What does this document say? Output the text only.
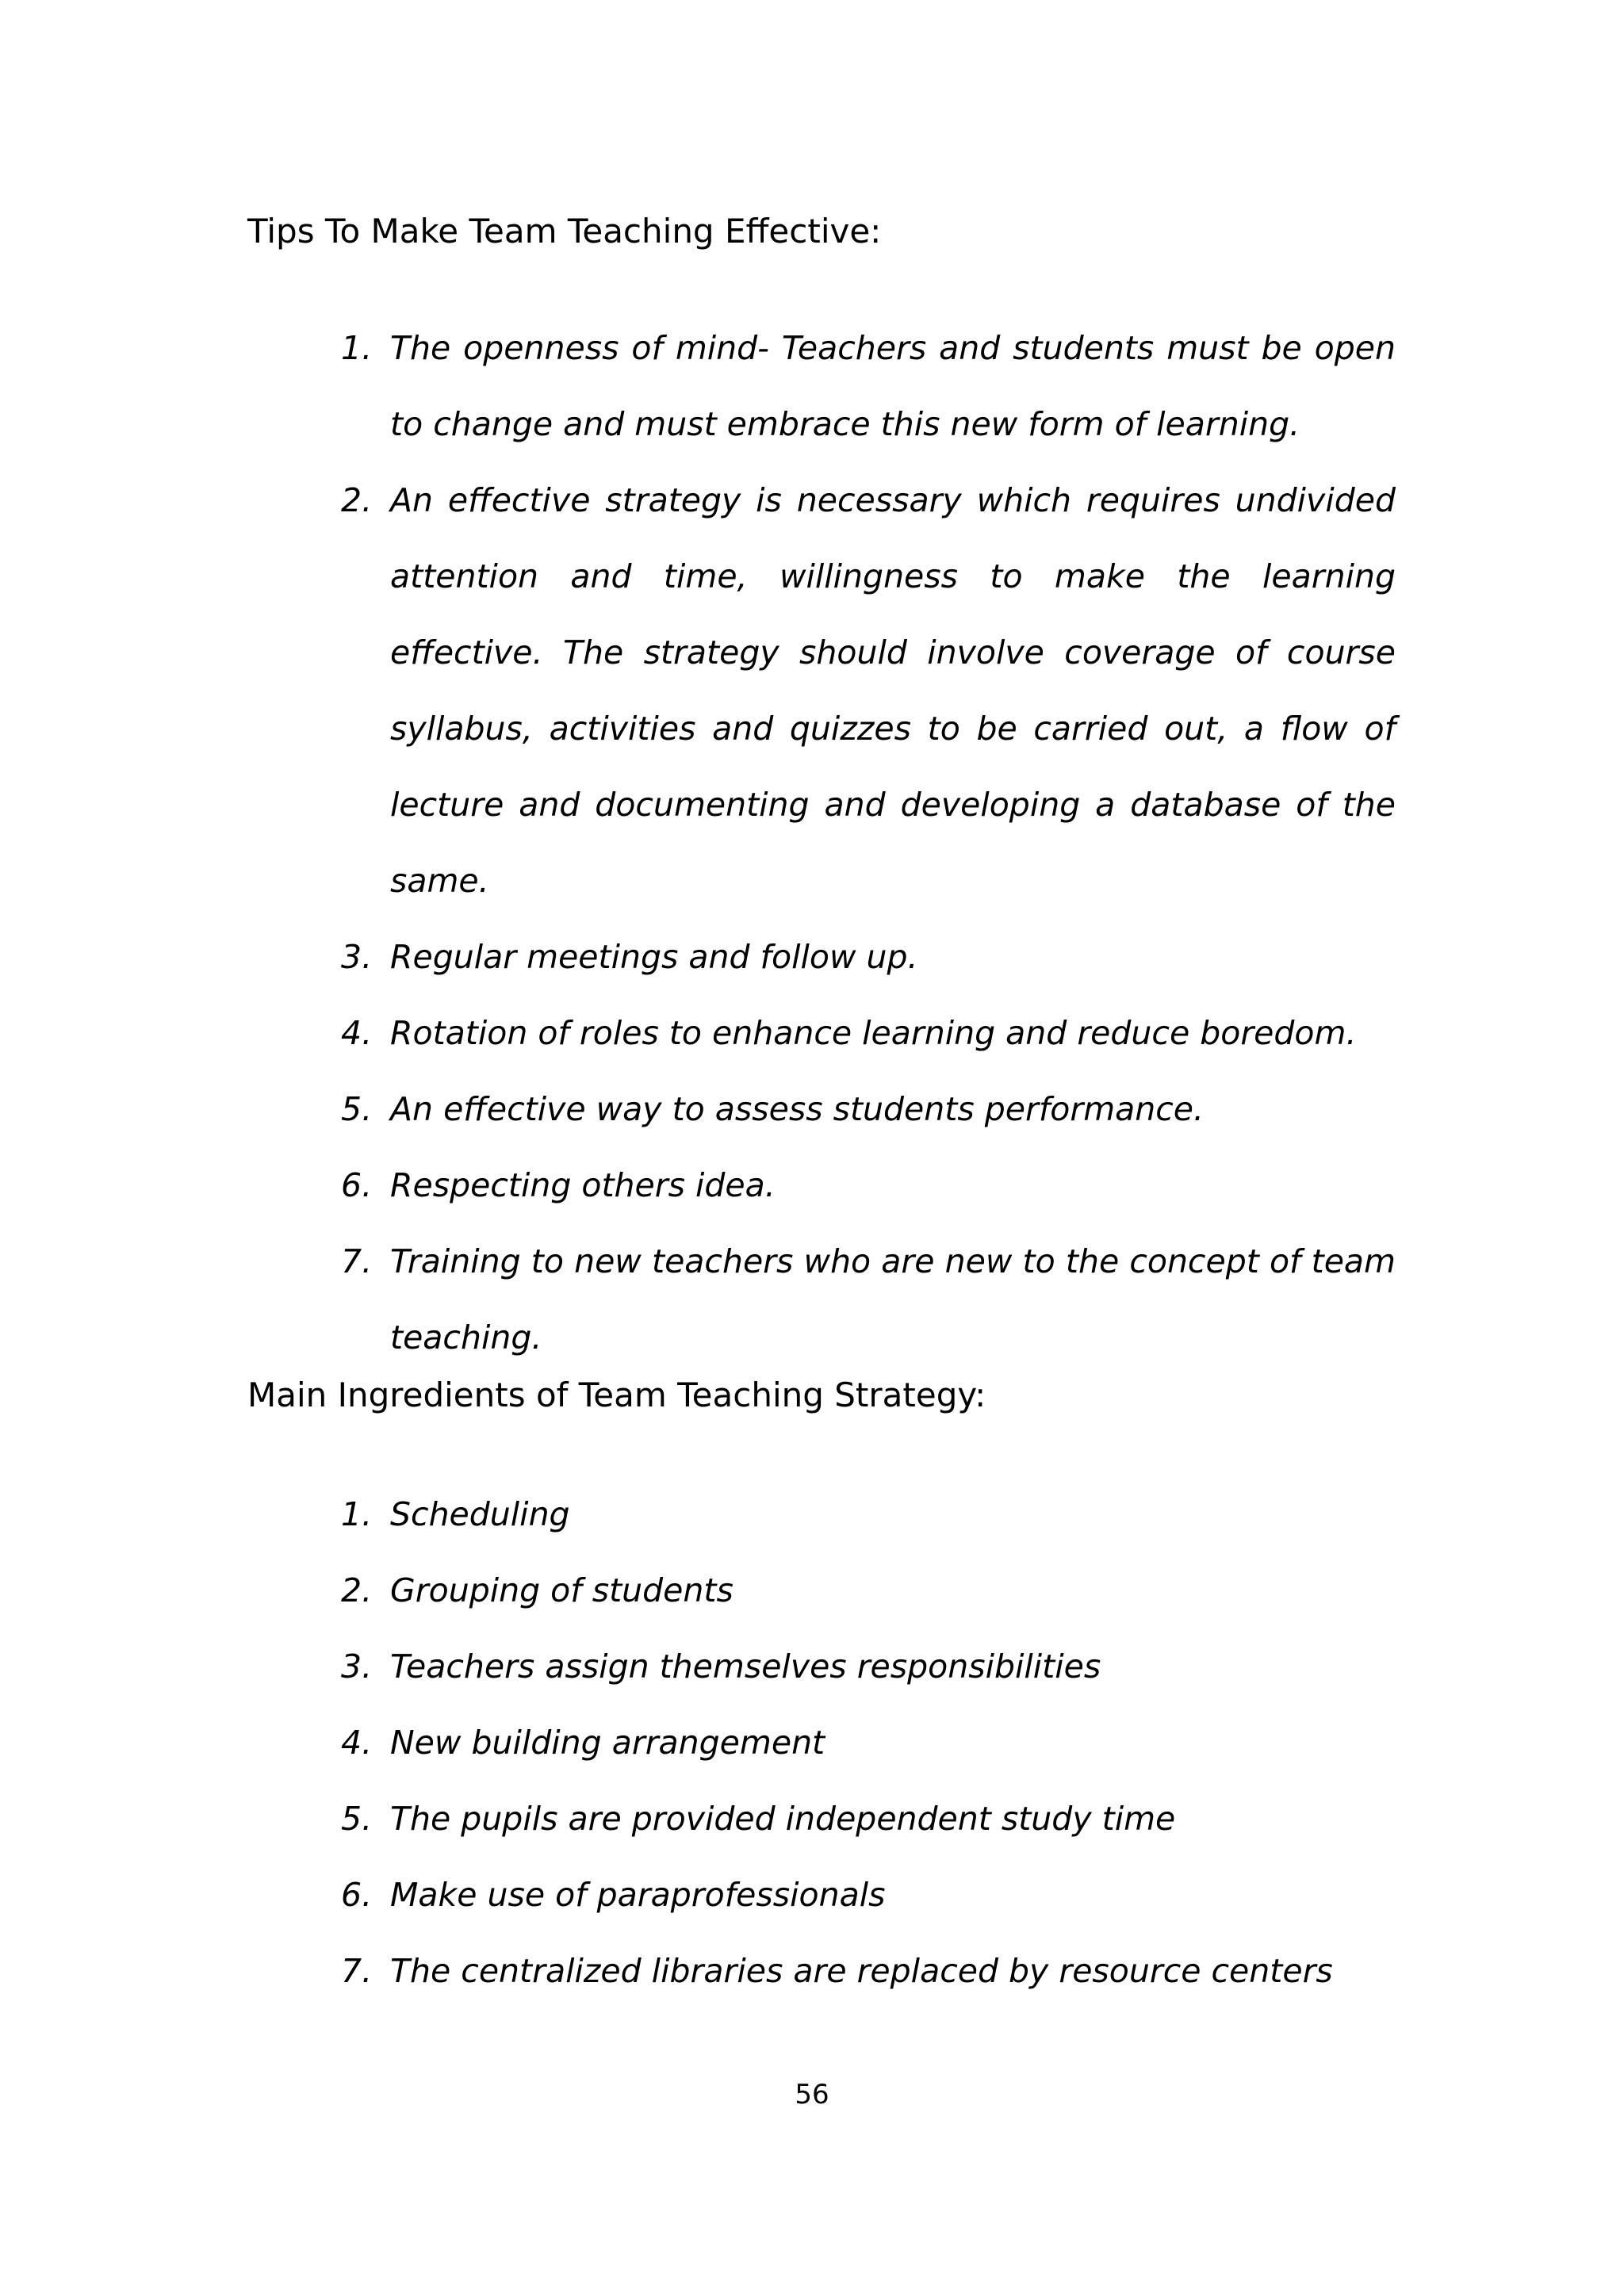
Tips To Make Team Teaching Effective:
1. The openness of mind- Teachers and students must be open to change and must embrace this new form of learning.
2. An effective strategy is necessary which requires undivided attention and time, willingness to make the learning effective. The strategy should involve coverage of course syllabus, activities and quizzes to be carried out, a flow of lecture and documenting and developing a database of the same.
3. Regular meetings and follow up.
4. Rotation of roles to enhance learning and reduce boredom.
5. An effective way to assess students performance.
6. Respecting others idea.
7. Training to new teachers who are new to the concept of team teaching.
Main Ingredients of Team Teaching Strategy:
1. Scheduling
2. Grouping of students
3. Teachers assign themselves responsibilities
4. New building arrangement
5. The pupils are provided independent study time
6. Make use of paraprofessionals
7. The centralized libraries are replaced by resource centers
56
